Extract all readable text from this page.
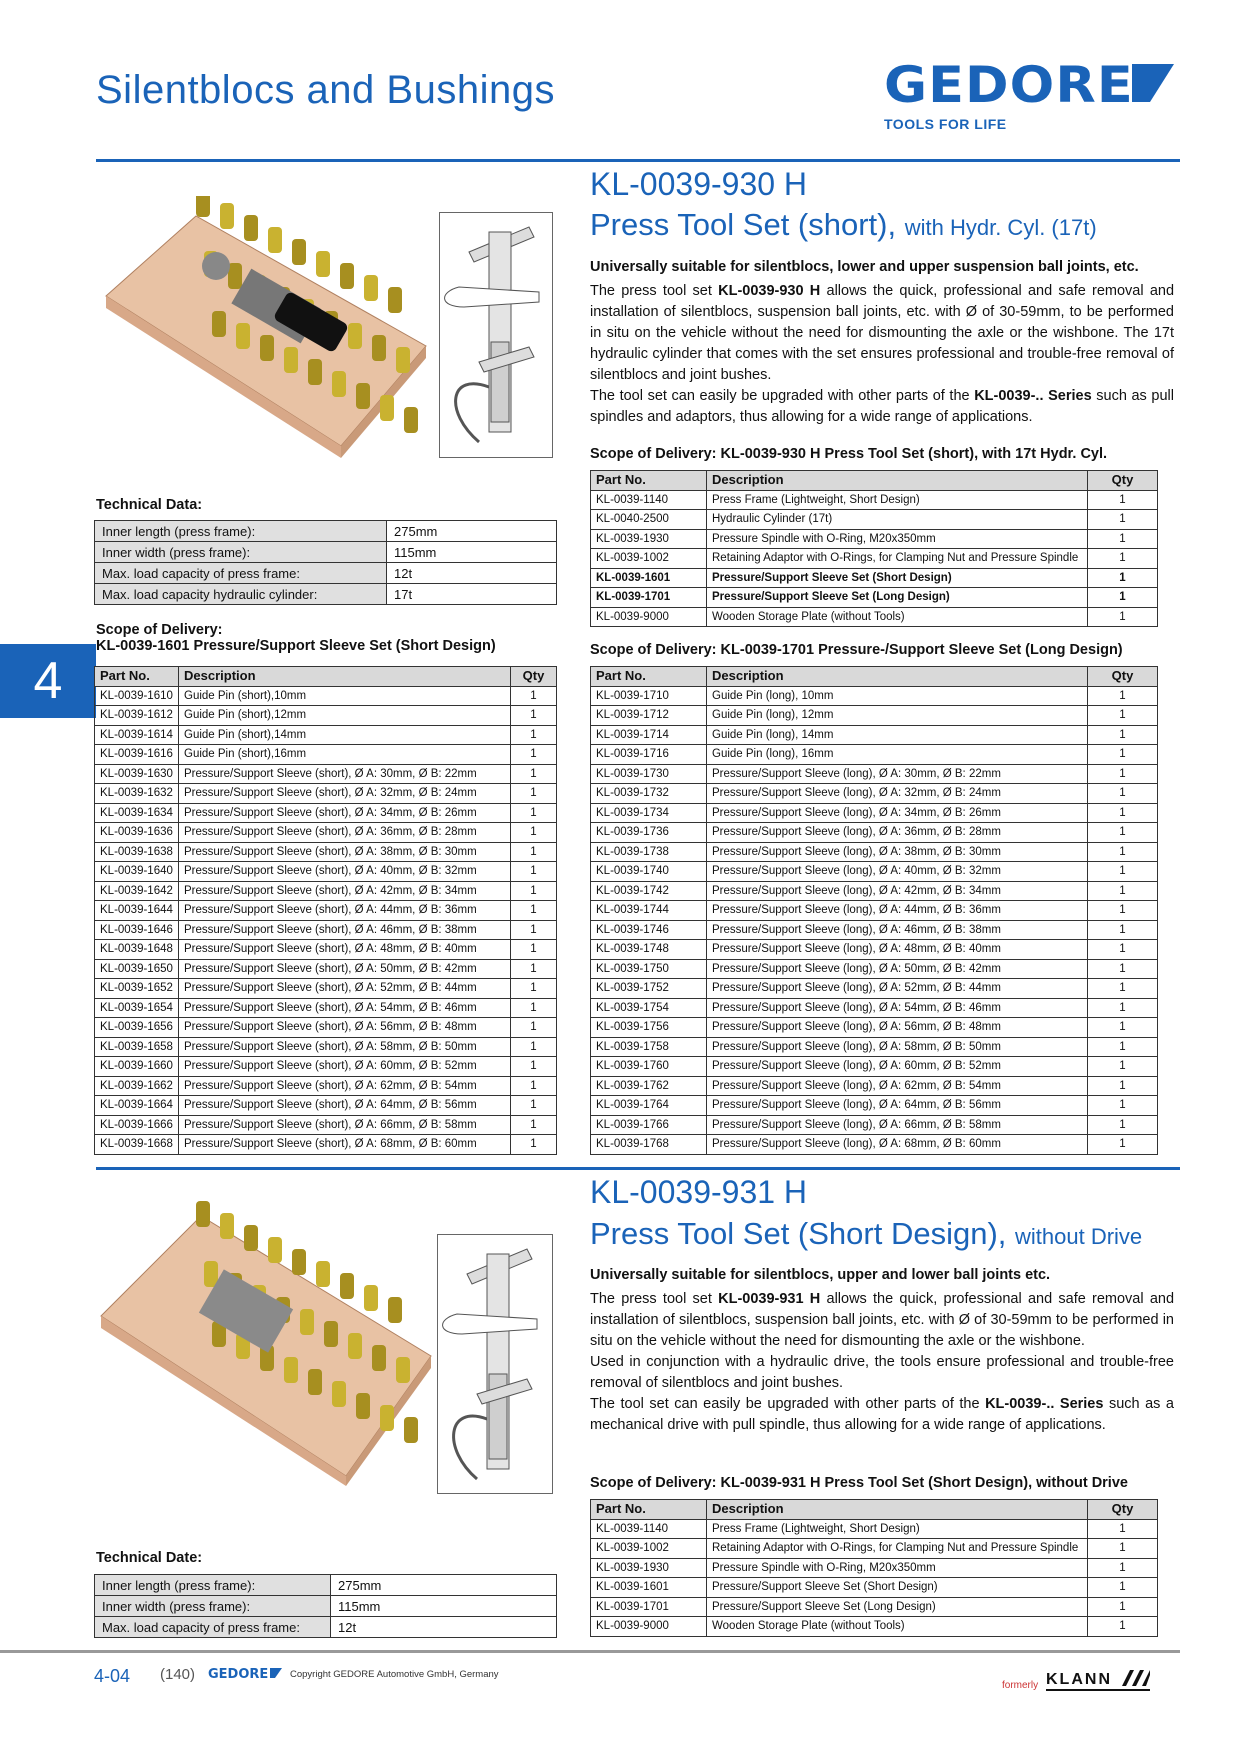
Silentblocs and Bushings	GEDORE
TOOLS FOR LIFE
4
KL-0039-930 H
Press Tool Set (short), with Hydr. Cyl. (17t)
Universally suitable for silentblocs, lower and upper suspension ball joints, etc.
The press tool set KL-0039-930 H allows the quick, professional and safe removal and installation of silentblocs, suspension ball joints, etc. with Ø of 30-59mm, to be performed in situ on the vehicle without the need for dismounting the axle or the wishbone. The 17t hydraulic cylinder that comes with the set ensures professional and trouble-free removal of silentblocs and joint bushes.
The tool set can easily be upgraded with other parts of the KL-0039-.. Series such as pull spindles and adaptors, thus allowing for a wide range of applications.
Scope of Delivery: KL-0039-930 H Press Tool Set (short), with 17t Hydr. Cyl.
Part No.	Description	Qty
KL-0039-1140	Press Frame (Lightweight, Short Design)	1
KL-0040-2500	Hydraulic Cylinder (17t)	1
KL-0039-1930	Pressure Spindle with O-Ring, M20x350mm	1
KL-0039-1002	Retaining Adaptor with O-Rings, for Clamping Nut and Pressure Spindle	1
KL-0039-1601	Pressure/Support Sleeve Set (Short Design)	1
KL-0039-1701	Pressure/Support Sleeve Set (Long Design)	1
KL-0039-9000	Wooden Storage Plate (without Tools)	1
Technical Data:
Inner length (press frame):	275mm
Inner width (press frame):	115mm
Max. load capacity of press frame:	12t
Max. load capacity hydraulic cylinder:	17t
Scope of Delivery:
KL-0039-1601 Pressure/Support Sleeve Set (Short Design)
Part No.	Description	Qty
KL-0039-1610	Guide Pin (short),10mm	1
KL-0039-1612	Guide Pin (short),12mm	1
KL-0039-1614	Guide Pin (short),14mm	1
KL-0039-1616	Guide Pin (short),16mm	1
KL-0039-1630	Pressure/Support Sleeve (short), Ø A: 30mm, Ø B: 22mm	1
KL-0039-1632	Pressure/Support Sleeve (short), Ø A: 32mm, Ø B: 24mm	1
KL-0039-1634	Pressure/Support Sleeve (short), Ø A: 34mm, Ø B: 26mm	1
KL-0039-1636	Pressure/Support Sleeve (short), Ø A: 36mm, Ø B: 28mm	1
KL-0039-1638	Pressure/Support Sleeve (short), Ø A: 38mm, Ø B: 30mm	1
KL-0039-1640	Pressure/Support Sleeve (short), Ø A: 40mm, Ø B: 32mm	1
KL-0039-1642	Pressure/Support Sleeve (short), Ø A: 42mm, Ø B: 34mm	1
KL-0039-1644	Pressure/Support Sleeve (short), Ø A: 44mm, Ø B: 36mm	1
KL-0039-1646	Pressure/Support Sleeve (short), Ø A: 46mm, Ø B: 38mm	1
KL-0039-1648	Pressure/Support Sleeve (short), Ø A: 48mm, Ø B: 40mm	1
KL-0039-1650	Pressure/Support Sleeve (short), Ø A: 50mm, Ø B: 42mm	1
KL-0039-1652	Pressure/Support Sleeve (short), Ø A: 52mm, Ø B: 44mm	1
KL-0039-1654	Pressure/Support Sleeve (short), Ø A: 54mm, Ø B: 46mm	1
KL-0039-1656	Pressure/Support Sleeve (short), Ø A: 56mm, Ø B: 48mm	1
KL-0039-1658	Pressure/Support Sleeve (short), Ø A: 58mm, Ø B: 50mm	1
KL-0039-1660	Pressure/Support Sleeve (short), Ø A: 60mm, Ø B: 52mm	1
KL-0039-1662	Pressure/Support Sleeve (short), Ø A: 62mm, Ø B: 54mm	1
KL-0039-1664	Pressure/Support Sleeve (short), Ø A: 64mm, Ø B: 56mm	1
KL-0039-1666	Pressure/Support Sleeve (short), Ø A: 66mm, Ø B: 58mm	1
KL-0039-1668	Pressure/Support Sleeve (short), Ø A: 68mm, Ø B: 60mm	1
Scope of Delivery: KL-0039-1701 Pressure-/Support Sleeve Set (Long Design)
Part No.	Description	Qty
KL-0039-1710	Guide Pin (long), 10mm	1
KL-0039-1712	Guide Pin (long), 12mm	1
KL-0039-1714	Guide Pin (long), 14mm	1
KL-0039-1716	Guide Pin (long), 16mm	1
KL-0039-1730	Pressure/Support Sleeve (long), Ø A: 30mm, Ø B: 22mm	1
KL-0039-1732	Pressure/Support Sleeve (long), Ø A: 32mm, Ø B: 24mm	1
KL-0039-1734	Pressure/Support Sleeve (long), Ø A: 34mm, Ø B: 26mm	1
KL-0039-1736	Pressure/Support Sleeve (long), Ø A: 36mm, Ø B: 28mm	1
KL-0039-1738	Pressure/Support Sleeve (long), Ø A: 38mm, Ø B: 30mm	1
KL-0039-1740	Pressure/Support Sleeve (long), Ø A: 40mm, Ø B: 32mm	1
KL-0039-1742	Pressure/Support Sleeve (long), Ø A: 42mm, Ø B: 34mm	1
KL-0039-1744	Pressure/Support Sleeve (long), Ø A: 44mm, Ø B: 36mm	1
KL-0039-1746	Pressure/Support Sleeve (long), Ø A: 46mm, Ø B: 38mm	1
KL-0039-1748	Pressure/Support Sleeve (long), Ø A: 48mm, Ø B: 40mm	1
KL-0039-1750	Pressure/Support Sleeve (long), Ø A: 50mm, Ø B: 42mm	1
KL-0039-1752	Pressure/Support Sleeve (long), Ø A: 52mm, Ø B: 44mm	1
KL-0039-1754	Pressure/Support Sleeve (long), Ø A: 54mm, Ø B: 46mm	1
KL-0039-1756	Pressure/Support Sleeve (long), Ø A: 56mm, Ø B: 48mm	1
KL-0039-1758	Pressure/Support Sleeve (long), Ø A: 58mm, Ø B: 50mm	1
KL-0039-1760	Pressure/Support Sleeve (long), Ø A: 60mm, Ø B: 52mm	1
KL-0039-1762	Pressure/Support Sleeve (long), Ø A: 62mm, Ø B: 54mm	1
KL-0039-1764	Pressure/Support Sleeve (long), Ø A: 64mm, Ø B: 56mm	1
KL-0039-1766	Pressure/Support Sleeve (long), Ø A: 66mm, Ø B: 58mm	1
KL-0039-1768	Pressure/Support Sleeve (long), Ø A: 68mm, Ø B: 60mm	1
KL-0039-931 H
Press Tool Set (Short Design), without Drive
Universally suitable for silentblocs, upper and lower ball joints etc.
The press tool set KL-0039-931 H allows the quick, professional and safe removal and installation of silentblocs, suspension ball joints, etc. with Ø of 30-59mm to be performed in situ on the vehicle without the need for dismounting the axle or the wishbone.
Used in conjunction with a hydraulic drive, the tools ensure professional and trouble-free removal of silentblocs and joint bushes.
The tool set can easily be upgraded with other parts of the KL-0039-.. Series such as a mechanical drive with pull spindle, thus allowing for a wide range of applications.
Scope of Delivery: KL-0039-931 H Press Tool Set (Short Design), without Drive
Part No.	Description	Qty
KL-0039-1140	Press Frame (Lightweight, Short Design)	1
KL-0039-1002	Retaining Adaptor with O-Rings, for Clamping Nut and Pressure Spindle	1
KL-0039-1930	Pressure Spindle with O-Ring, M20x350mm	1
KL-0039-1601	Pressure/Support Sleeve Set (Short Design)	1
KL-0039-1701	Pressure/Support Sleeve Set (Long Design)	1
KL-0039-9000	Wooden Storage Plate (without Tools)	1
Technical Date:
Inner length (press frame):	275mm
Inner width (press frame):	115mm
Max. load capacity of press frame:	12t
4-04 (140) GEDORE	Copyright GEDORE Automotive GmbH, Germany
formerly KLANN
